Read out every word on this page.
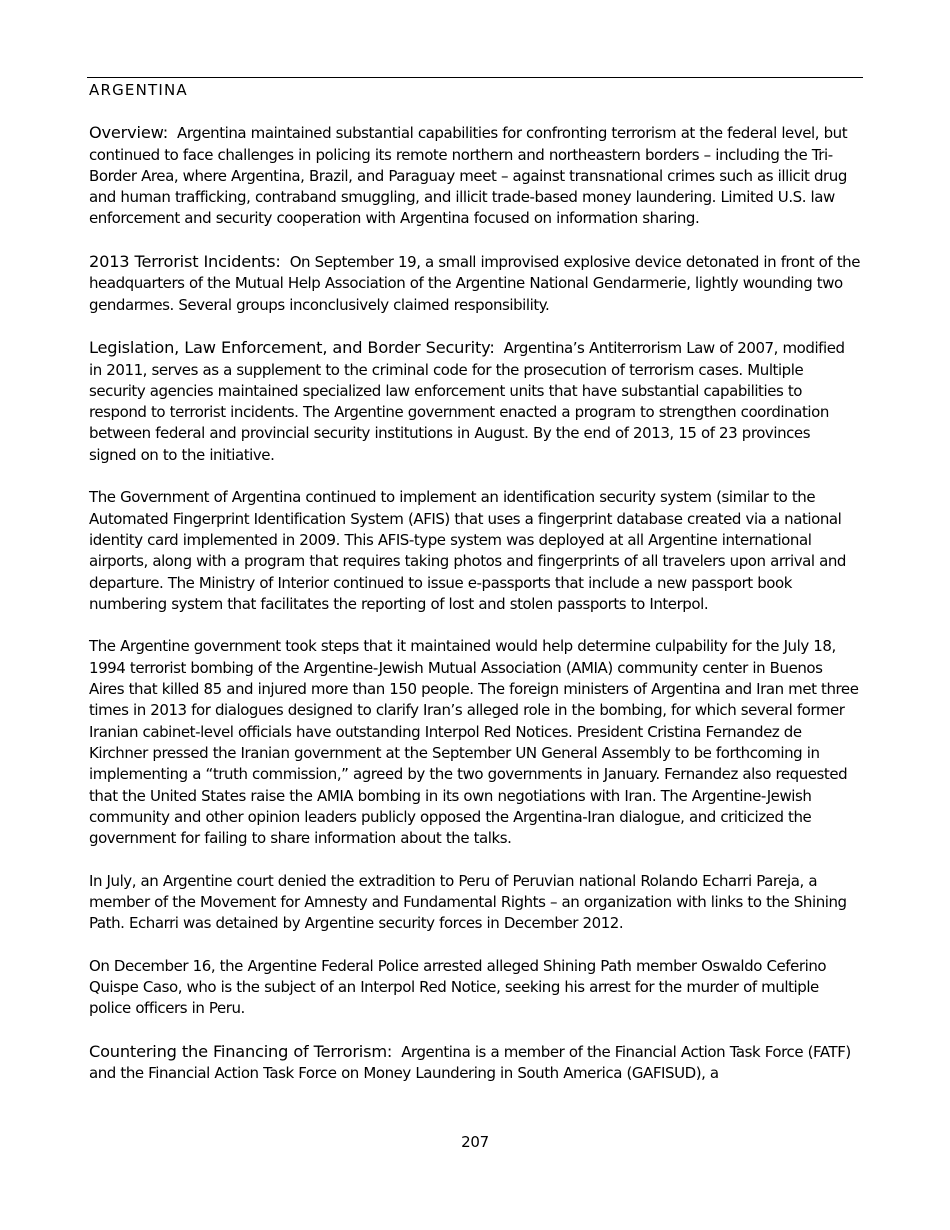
ARGENTINA

Overview: Argentina maintained substantial capabilities for confronting terrorism at the federal level, but continued to face challenges in policing its remote northern and northeastern borders – including the Tri-Border Area, where Argentina, Brazil, and Paraguay meet – against transnational crimes such as illicit drug and human trafficking, contraband smuggling, and illicit trade-based money laundering. Limited U.S. law enforcement and security cooperation with Argentina focused on information sharing.

2013 Terrorist Incidents: On September 19, a small improvised explosive device detonated in front of the headquarters of the Mutual Help Association of the Argentine National Gendarmerie, lightly wounding two gendarmes. Several groups inconclusively claimed responsibility.

Legislation, Law Enforcement, and Border Security: Argentina’s Antiterrorism Law of 2007, modified in 2011, serves as a supplement to the criminal code for the prosecution of terrorism cases. Multiple security agencies maintained specialized law enforcement units that have substantial capabilities to respond to terrorist incidents. The Argentine government enacted a program to strengthen coordination between federal and provincial security institutions in August. By the end of 2013, 15 of 23 provinces signed on to the initiative.

The Government of Argentina continued to implement an identification security system (similar to the Automated Fingerprint Identification System (AFIS) that uses a fingerprint database created via a national identity card implemented in 2009. This AFIS-type system was deployed at all Argentine international airports, along with a program that requires taking photos and fingerprints of all travelers upon arrival and departure. The Ministry of Interior continued to issue e-passports that include a new passport book numbering system that facilitates the reporting of lost and stolen passports to Interpol.

The Argentine government took steps that it maintained would help determine culpability for the July 18, 1994 terrorist bombing of the Argentine-Jewish Mutual Association (AMIA) community center in Buenos Aires that killed 85 and injured more than 150 people. The foreign ministers of Argentina and Iran met three times in 2013 for dialogues designed to clarify Iran’s alleged role in the bombing, for which several former Iranian cabinet-level officials have outstanding Interpol Red Notices. President Cristina Fernandez de Kirchner pressed the Iranian government at the September UN General Assembly to be forthcoming in implementing a “truth commission,” agreed by the two governments in January. Fernandez also requested that the United States raise the AMIA bombing in its own negotiations with Iran. The Argentine-Jewish community and other opinion leaders publicly opposed the Argentina-Iran dialogue, and criticized the government for failing to share information about the talks.

In July, an Argentine court denied the extradition to Peru of Peruvian national Rolando Echarri Pareja, a member of the Movement for Amnesty and Fundamental Rights – an organization with links to the Shining Path. Echarri was detained by Argentine security forces in December 2012.

On December 16, the Argentine Federal Police arrested alleged Shining Path member Oswaldo Ceferino Quispe Caso, who is the subject of an Interpol Red Notice, seeking his arrest for the murder of multiple police officers in Peru.

Countering the Financing of Terrorism: Argentina is a member of the Financial Action Task Force (FATF) and the Financial Action Task Force on Money Laundering in South America (GAFISUD), a

207
